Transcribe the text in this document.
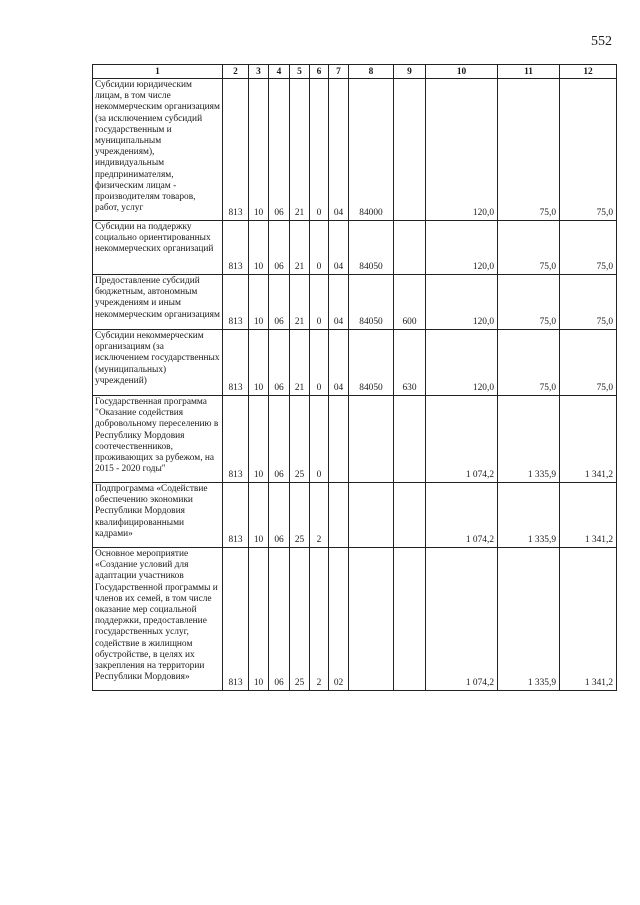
552
1	2	3	4	5	6	7	8	9	10	11	12
Субсидии юридическим лицам, в том числе некоммерческим организациям (за исключением субсидий государственным и муниципальным учреждениям), индивидуальным предпринимателям, физическим лицам - производителям товаров, работ, услуг	813	10	06	21	0	04	84000		120,0	75,0	75,0
Субсидии на поддержку социально ориентированных некоммерческих организаций	813	10	06	21	0	04	84050		120,0	75,0	75,0
Предоставление субсидий бюджетным, автономным учреждениям и иным некоммерческим организациям	813	10	06	21	0	04	84050	600	120,0	75,0	75,0
Субсидии некоммерческим организациям (за исключением государственных (муниципальных) учреждений)	813	10	06	21	0	04	84050	630	120,0	75,0	75,0
Государственная программа "Оказание содействия добровольному переселению в Республику Мордовия соотечественников, проживающих за рубежом, на 2015 - 2020 годы"	813	10	06	25	0				1 074,2	1 335,9	1 341,2
Подпрограмма «Содействие обеспечению экономики Республики Мордовия квалифицированными кадрами»	813	10	06	25	2				1 074,2	1 335,9	1 341,2
Основное мероприятие «Создание условий для адаптации участников Государственной программы и членов их семей, в том числе оказание мер социальной поддержки, предоставление государственных услуг, содействие в жилищном обустройстве, в целях их закрепления на территории Республики Мордовия»	813	10	06	25	2	02			1 074,2	1 335,9	1 341,2
